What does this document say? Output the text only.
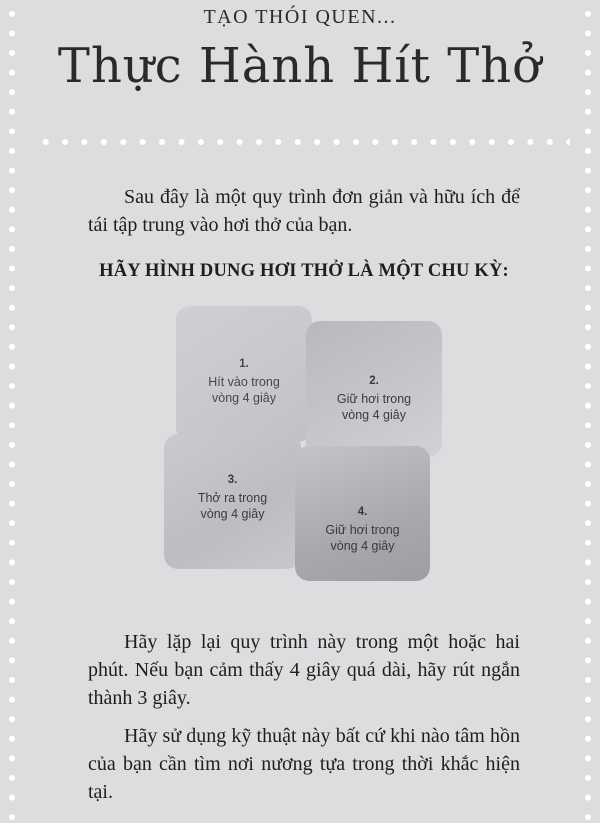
TẠO THÓI QUEN...
Thực Hành Hít Thở

Sau đây là một quy trình đơn giản và hữu ích để tái tập trung vào hơi thở của bạn.

HÃY HÌNH DUNG HƠI THỞ LÀ MỘT CHU KỲ:
1.
Hít vào trong vòng 4 giây
2.
Giữ hơi trong vòng 4 giây
3.
Thở ra trong vòng 4 giây	4.
Giữ hơi trong vòng 4 giây

Hãy lặp lại quy trình này trong một hoặc hai phút. Nếu bạn cảm thấy 4 giây quá dài, hãy rút ngắn thành 3 giây.

Hãy sử dụng kỹ thuật này bất cứ khi nào tâm hồn của bạn cần tìm nơi nương tựa trong thời khắc hiện tại.
